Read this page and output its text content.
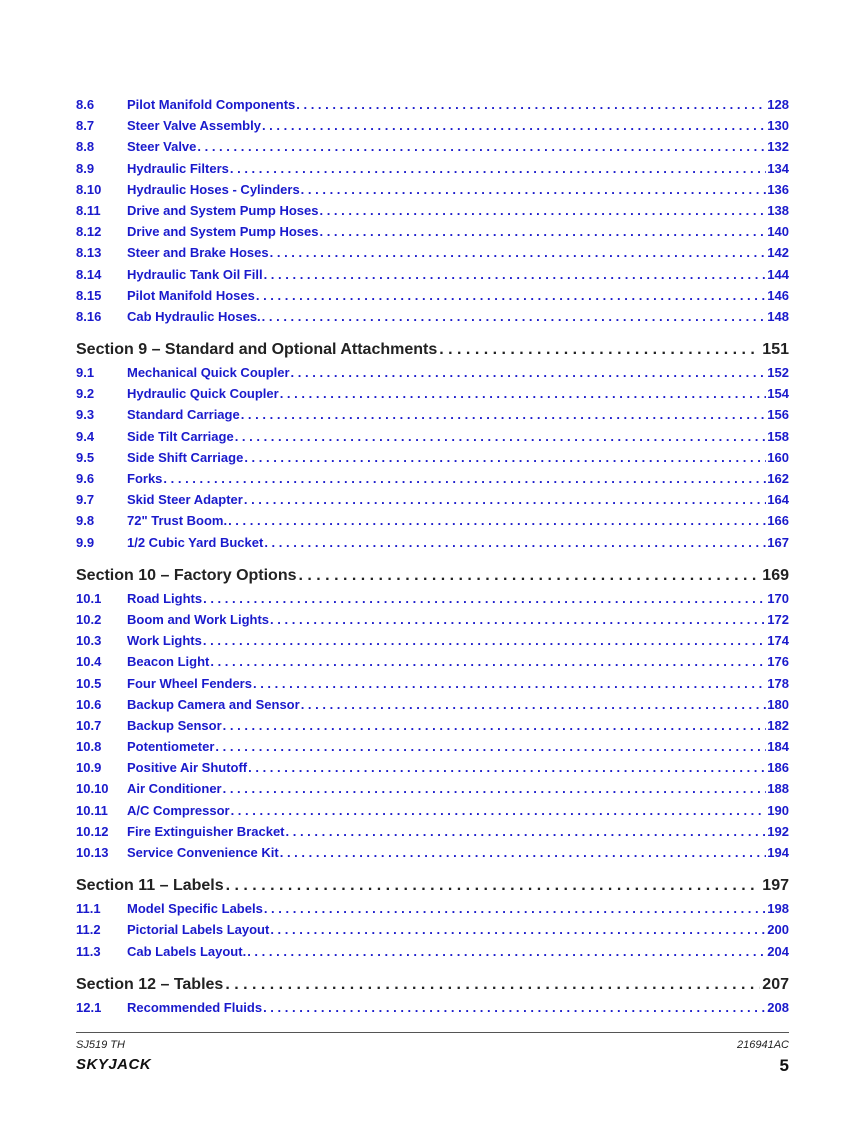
8.6	Pilot Manifold Components . . .	128
8.7	Steer Valve Assembly . . .	130
8.8	Steer Valve . . .	132
8.9	Hydraulic Filters . . .	134
8.10	Hydraulic Hoses - Cylinders . . .	136
8.11	Drive and System Pump Hoses . . .	138
8.12	Drive and System Pump Hoses . . .	140
8.13	Steer and Brake Hoses . . .	142
8.14	Hydraulic Tank Oil Fill . . .	144
8.15	Pilot Manifold Hoses . . .	146
8.16	Cab Hydraulic Hoses. . . .	148
Section 9 – Standard and Optional Attachments . . .	151
9.1	Mechanical Quick Coupler . . .	152
9.2	Hydraulic Quick Coupler . . .	154
9.3	Standard Carriage . . .	156
9.4	Side Tilt Carriage . . .	158
9.5	Side Shift Carriage . . .	160
9.6	Forks . . .	162
9.7	Skid Steer Adapter . . .	164
9.8	72" Trust Boom. . . .	166
9.9	1/2 Cubic Yard Bucket . . .	167
Section 10 – Factory Options . . .	169
10.1	Road Lights . . .	170
10.2	Boom and Work Lights . . .	172
10.3	Work Lights . . .	174
10.4	Beacon Light . . .	176
10.5	Four Wheel Fenders . . .	178
10.6	Backup Camera and Sensor . . .	180
10.7	Backup Sensor . . .	182
10.8	Potentiometer . . .	184
10.9	Positive Air Shutoff . . .	186
10.10	Air Conditioner . . .	188
10.11	A/C Compressor . . .	190
10.12	Fire Extinguisher Bracket . . .	192
10.13	Service Convenience Kit . . .	194
Section 11 – Labels . . .	197
11.1	Model Specific Labels . . .	198
11.2	Pictorial Labels Layout . . .	200
11.3	Cab Labels Layout. . . .	204
Section 12 – Tables . . .	207
12.1	Recommended Fluids . . .	208
SJ519 TH	216941AC
SKYJACK	5
